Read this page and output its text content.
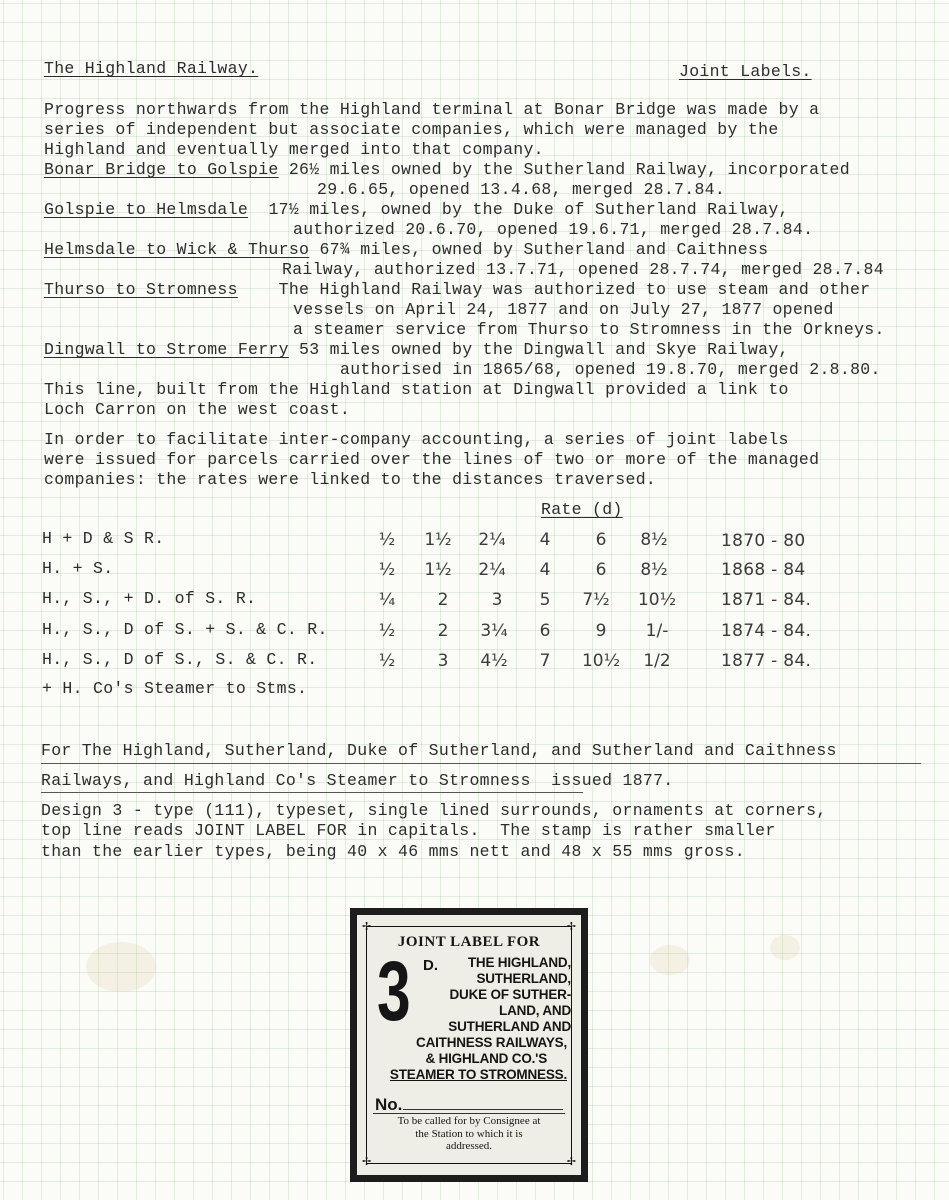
The Highland Railway.	Joint Labels.
Progress northwards from the Highland terminal at Bonar Bridge was made by a
series of independent but associate companies, which were managed by the
Highland and eventually merged into that company.
Bonar Bridge to Golspie 26½ miles owned by the Sutherland Railway, incorporated
29.6.65, opened 13.4.68, merged 28.7.84.
Golspie to Helmsdale  17½ miles, owned by the Duke of Sutherland Railway,
authorized 20.6.70, opened 19.6.71, merged 28.7.84.
Helmsdale to Wick & Thurso 67¾ miles, owned by Sutherland and Caithness
Railway, authorized 13.7.71, opened 28.7.74, merged 28.7.84
Thurso to Stromness    The Highland Railway was authorized to use steam and other
vessels on April 24, 1877 and on July 27, 1877 opened
a steamer service from Thurso to Stromness in the Orkneys.
Dingwall to Strome Ferry 53 miles owned by the Dingwall and Skye Railway,
authorised in 1865/68, opened 19.8.70, merged 2.8.80.
This line, built from the Highland station at Dingwall provided a link to
Loch Carron on the west coast.
In order to facilitate inter-company accounting, a series of joint labels
were issued for parcels carried over the lines of two or more of the managed
companies: the rates were linked to the distances traversed.
Rate (d)
H + D & S R.	½	1½	2¼	4	6	8½	1870 - 80
H. + S.	½	1½	2¼	4	6	8½	1868 - 84
H., S., + D. of S. R.	¼	2	3	5	7½	10½	1871 - 84.
H., S., D of S. + S. & C. R.	½	2	3¼	6	9	1/-	1874 - 84.
H., S., D of S., S. & C. R.	½	3	4½	7	10½	1/2	1877 - 84.
+ H. Co's Steamer to Stms.
For The Highland, Sutherland, Duke of Sutherland, and Sutherland and Caithness
Railways, and Highland Co's Steamer to Stromness issued 1877.
Design 3 - type (111), typeset, single lined surrounds, ornaments at corners,
top line reads JOINT LABEL FOR in capitals.  The stamp is rather smaller
than the earlier types, being 40 x 46 mms nett and 48 x 55 mms gross.
✢	✢
✢	✢
JOINT LABEL FOR
3 D.	THE HIGHLAND,
SUTHERLAND,
DUKE OF SUTHER-
LAND, AND
SUTHERLAND AND
CAITHNESS RAILWAYS,
& HIGHLAND CO.'S
STEAMER TO STROMNESS.
No.
To be called for by Consignee at
the Station to which it is
addressed.
